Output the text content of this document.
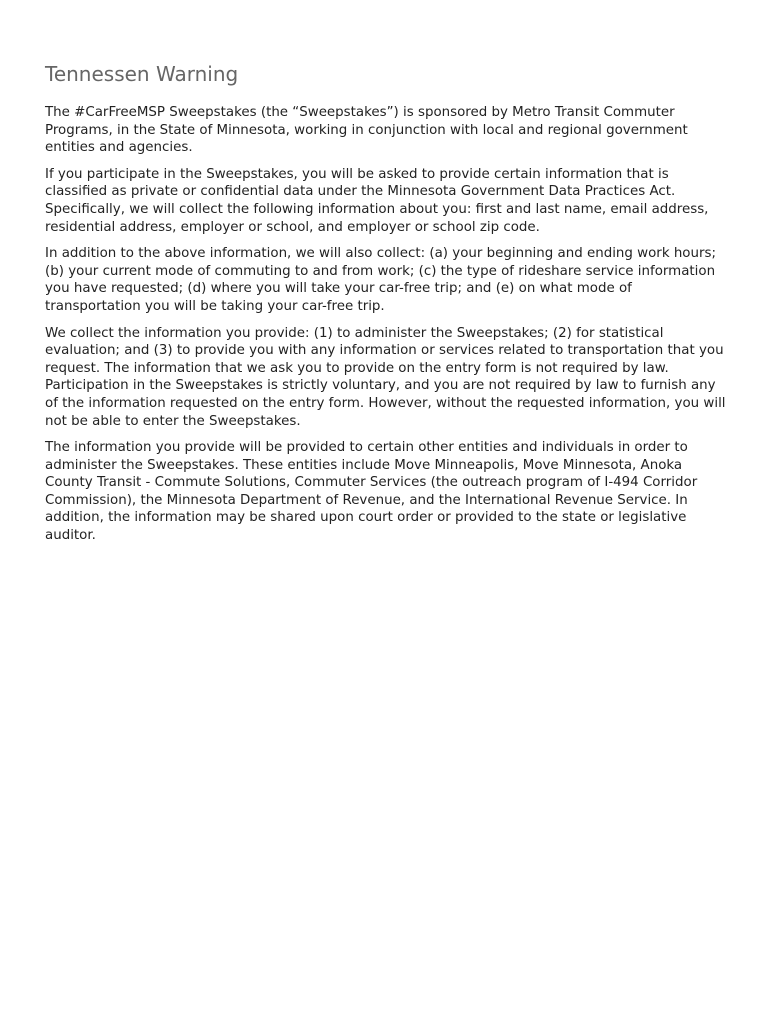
Tennessen Warning

The #CarFreeMSP Sweepstakes (the “Sweepstakes”) is sponsored by Metro Transit Commuter Programs, in the State of Minnesota, working in conjunction with local and regional government entities and agencies.

If you participate in the Sweepstakes, you will be asked to provide certain information that is classified as private or confidential data under the Minnesota Government Data Practices Act. Specifically, we will collect the following information about you: first and last name, email address, residential address, employer or school, and employer or school zip code.

In addition to the above information, we will also collect: (a) your beginning and ending work hours; (b) your current mode of commuting to and from work; (c) the type of rideshare service information you have requested; (d) where you will take your car-free trip; and (e) on what mode of transportation you will be taking your car-free trip.

We collect the information you provide: (1) to administer the Sweepstakes; (2) for statistical evaluation; and (3) to provide you with any information or services related to transportation that you request. The information that we ask you to provide on the entry form is not required by law. Participation in the Sweepstakes is strictly voluntary, and you are not required by law to furnish any of the information requested on the entry form. However, without the requested information, you will not be able to enter the Sweepstakes.

The information you provide will be provided to certain other entities and individuals in order to administer the Sweepstakes. These entities include Move Minneapolis, Move Minnesota, Anoka County Transit - Commute Solutions, Commuter Services (the outreach program of I-494 Corridor Commission), the Minnesota Department of Revenue, and the International Revenue Service. In addition, the information may be shared upon court order or provided to the state or legislative auditor.
